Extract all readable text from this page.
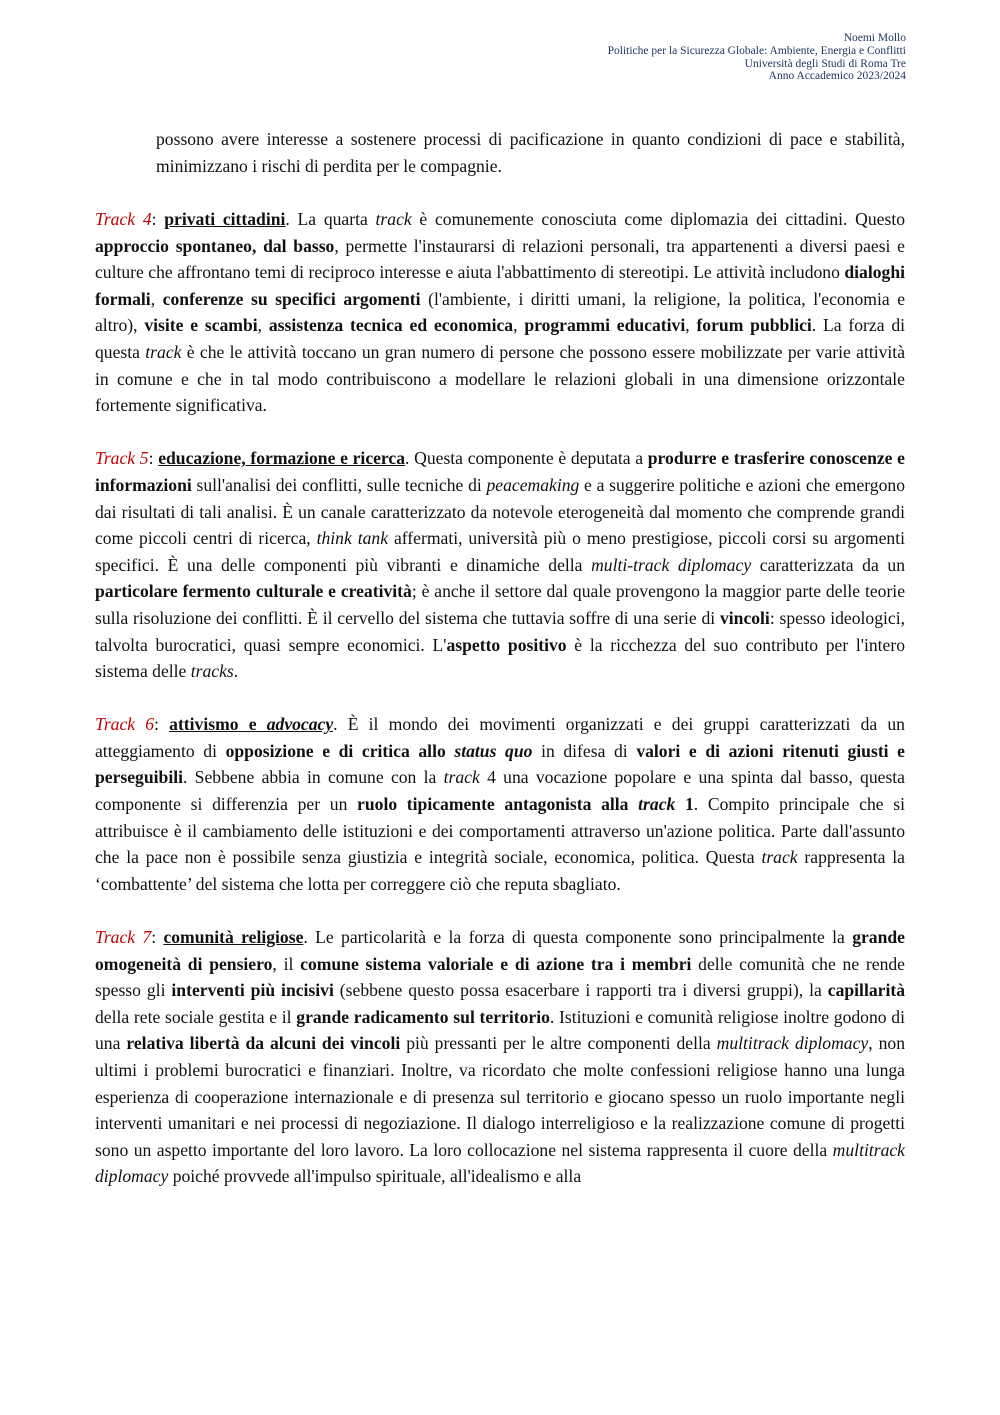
Noemi Mollo
Politiche per la Sicurezza Globale: Ambiente, Energia e Conflitti
Università degli Studi di Roma Tre
Anno Accademico 2023/2024

possono avere interesse a sostenere processi di pacificazione in quanto condizioni di pace e stabilità, minimizzano i rischi di perdita per le compagnie.

Track 4: privati cittadini. La quarta track è comunemente conosciuta come diplomazia dei cittadini. Questo approccio spontaneo, dal basso, permette l'instaurarsi di relazioni personali, tra appartenenti a diversi paesi e culture che affrontano temi di reciproco interesse e aiuta l'abbattimento di stereotipi. Le attività includono dialoghi formali, conferenze su specifici argomenti (l'ambiente, i diritti umani, la religione, la politica, l'economia e altro), visite e scambi, assistenza tecnica ed economica, programmi educativi, forum pubblici. La forza di questa track è che le attività toccano un gran numero di persone che possono essere mobilizzate per varie attività in comune e che in tal modo contribuiscono a modellare le relazioni globali in una dimensione orizzontale fortemente significativa.

Track 5: educazione, formazione e ricerca. Questa componente è deputata a produrre e trasferire conoscenze e informazioni sull'analisi dei conflitti, sulle tecniche di peacemaking e a suggerire politiche e azioni che emergono dai risultati di tali analisi. È un canale caratterizzato da notevole eterogeneità dal momento che comprende grandi come piccoli centri di ricerca, think tank affermati, università più o meno prestigiose, piccoli corsi su argomenti specifici. È una delle componenti più vibranti e dinamiche della multi-track diplomacy caratterizzata da un particolare fermento culturale e creatività; è anche il settore dal quale provengono la maggior parte delle teorie sulla risoluzione dei conflitti. È il cervello del sistema che tuttavia soffre di una serie di vincoli: spesso ideologici, talvolta burocratici, quasi sempre economici. L'aspetto positivo è la ricchezza del suo contributo per l'intero sistema delle tracks.

Track 6: attivismo e advocacy. È il mondo dei movimenti organizzati e dei gruppi caratterizzati da un atteggiamento di opposizione e di critica allo status quo in difesa di valori e di azioni ritenuti giusti e perseguibili. Sebbene abbia in comune con la track 4 una vocazione popolare e una spinta dal basso, questa componente si differenzia per un ruolo tipicamente antagonista alla track 1. Compito principale che si attribuisce è il cambiamento delle istituzioni e dei comportamenti attraverso un'azione politica. Parte dall'assunto che la pace non è possibile senza giustizia e integrità sociale, economica, politica. Questa track rappresenta la ‘combattente’ del sistema che lotta per correggere ciò che reputa sbagliato.

Track 7: comunità religiose. Le particolarità e la forza di questa componente sono principalmente la grande omogeneità di pensiero, il comune sistema valoriale e di azione tra i membri delle comunità che ne rende spesso gli interventi più incisivi (sebbene questo possa esacerbare i rapporti tra i diversi gruppi), la capillarità della rete sociale gestita e il grande radicamento sul territorio. Istituzioni e comunità religiose inoltre godono di una relativa libertà da alcuni dei vincoli più pressanti per le altre componenti della multitrack diplomacy, non ultimi i problemi burocratici e finanziari. Inoltre, va ricordato che molte confessioni religiose hanno una lunga esperienza di cooperazione internazionale e di presenza sul territorio e giocano spesso un ruolo importante negli interventi umanitari e nei processi di negoziazione. Il dialogo interreligioso e la realizzazione comune di progetti sono un aspetto importante del loro lavoro. La loro collocazione nel sistema rappresenta il cuore della multitrack diplomacy poiché provvede all'impulso spirituale, all'idealismo e alla
